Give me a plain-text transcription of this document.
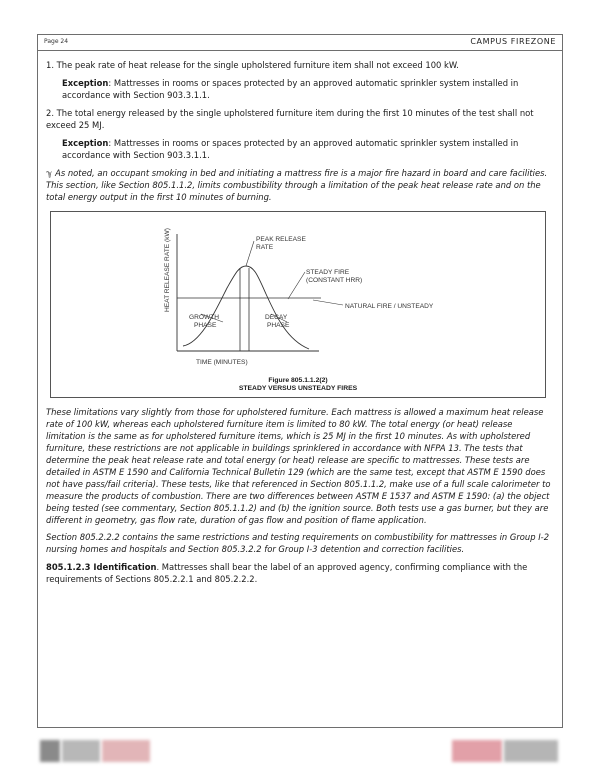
Page 24	CAMPUS FIREZONE

1. The peak rate of heat release for the single upholstered furniture item shall not exceed 100 kW.

Exception: Mattresses in rooms or spaces protected by an approved automatic sprinkler system installed in accordance with Section 903.3.1.1.

2. The total energy released by the single upholstered furniture item during the first 10 minutes of the test shall not exceed 25 MJ.

Exception: Mattresses in rooms or spaces protected by an approved automatic sprinkler system installed in accordance with Section 903.3.1.1.

ℽ As noted, an occupant smoking in bed and initiating a mattress fire is a major fire hazard in board and care facilities. This section, like Section 805.1.1.2, limits combustibility through a limitation of the peak heat release rate and on the total energy output in the first 10 minutes of burning.

HEAT RELEASE RATE (kW)
TIME (MINUTES)
PEAK RELEASE
RATE
STEADY FIRE
(CONSTANT HRR)
NATURAL FIRE / UNSTEADY
GROWTH
PHASE
DECAY
PHASE
Figure 805.1.1.2(2)
STEADY VERSUS UNSTEADY FIRES

These limitations vary slightly from those for upholstered furniture. Each mattress is allowed a maximum heat release rate of 100 kW, whereas each upholstered furniture item is limited to 80 kW. The total energy (or heat) release limitation is the same as for upholstered furniture items, which is 25 MJ in the first 10 minutes. As with upholstered furniture, these restrictions are not applicable in buildings sprinklered in accordance with NFPA 13. The tests that determine the peak heat release rate and total energy (or heat) release are specific to mattresses. These tests are detailed in ASTM E 1590 and California Technical Bulletin 129 (which are the same test, except that ASTM E 1590 does not have pass/fail criteria). These tests, like that referenced in Section 805.1.1.2, make use of a full scale calorimeter to measure the products of combustion. There are two differences between ASTM E 1537 and ASTM E 1590: (a) the object being tested (see commentary, Section 805.1.1.2) and (b) the ignition source. Both tests use a gas burner, but they are different in geometry, gas flow rate, duration of gas flow and position of flame application.

Section 805.2.2.2 contains the same restrictions and testing requirements on combustibility for mattresses in Group I-2 nursing homes and hospitals and Section 805.3.2.2 for Group I-3 detention and correction facilities.

805.1.2.3 Identification. Mattresses shall bear the label of an approved agency, confirming compliance with the requirements of Sections 805.2.2.1 and 805.2.2.2.
